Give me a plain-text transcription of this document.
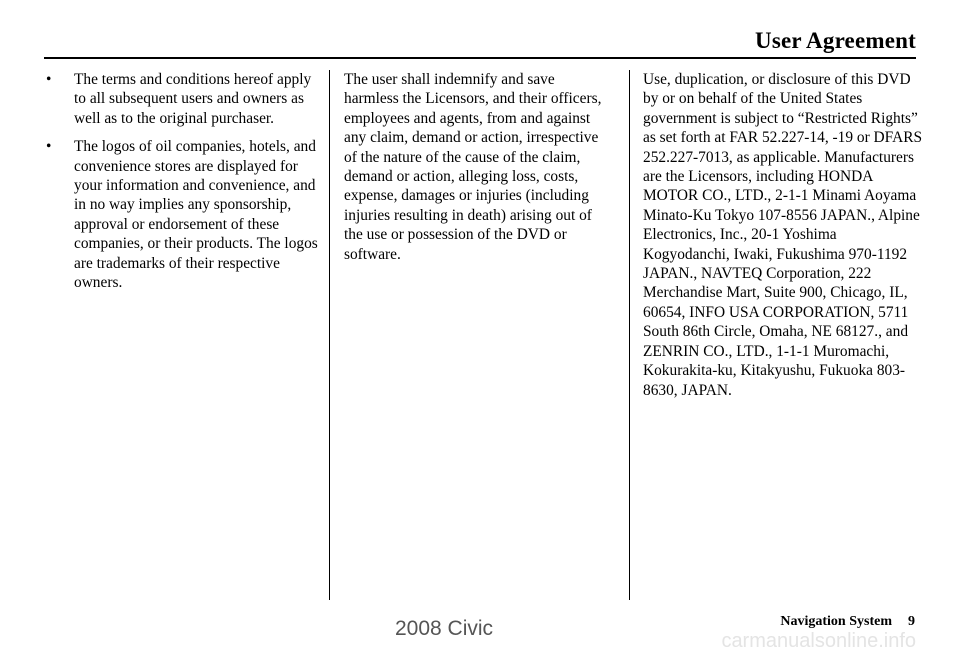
User Agreement
• The terms and conditions hereof apply to all subsequent users and owners as well as to the original purchaser.
• The logos of oil companies, hotels, and convenience stores are displayed for your information and convenience, and in no way implies any sponsorship, approval or endorsement of these companies, or their products. The logos are trademarks of their respective owners.

The user shall indemnify and save harmless the Licensors, and their officers, employees and agents, from and against any claim, demand or action, irrespective of the nature of the cause of the claim, demand or action, alleging loss, costs, expense, damages or injuries (including injuries resulting in death) arising out of the use or possession of the DVD or software.

Use, duplication, or disclosure of this DVD by or on behalf of the United States government is subject to “Restricted Rights” as set forth at FAR 52.227-14, -19 or DFARS 252.227-7013, as applicable. Manufacturers are the Licensors, including HONDA MOTOR CO., LTD., 2-1-1 Minami Aoyama Minato-Ku Tokyo 107-8556 JAPAN., Alpine Electronics, Inc., 20-1 Yoshima Kogyodanchi, Iwaki, Fukushima 970-1192 JAPAN., NAVTEQ Corporation, 222 Merchandise Mart, Suite 900, Chicago, IL, 60654, INFO USA CORPORATION, 5711 South 86th Circle, Omaha, NE 68127., and ZENRIN CO., LTD., 1-1-1 Muromachi, Kokurakita-ku, Kitakyushu, Fukuoka 803-8630, JAPAN.

Navigation System 9
2008 Civic
carmanualsonline.info
